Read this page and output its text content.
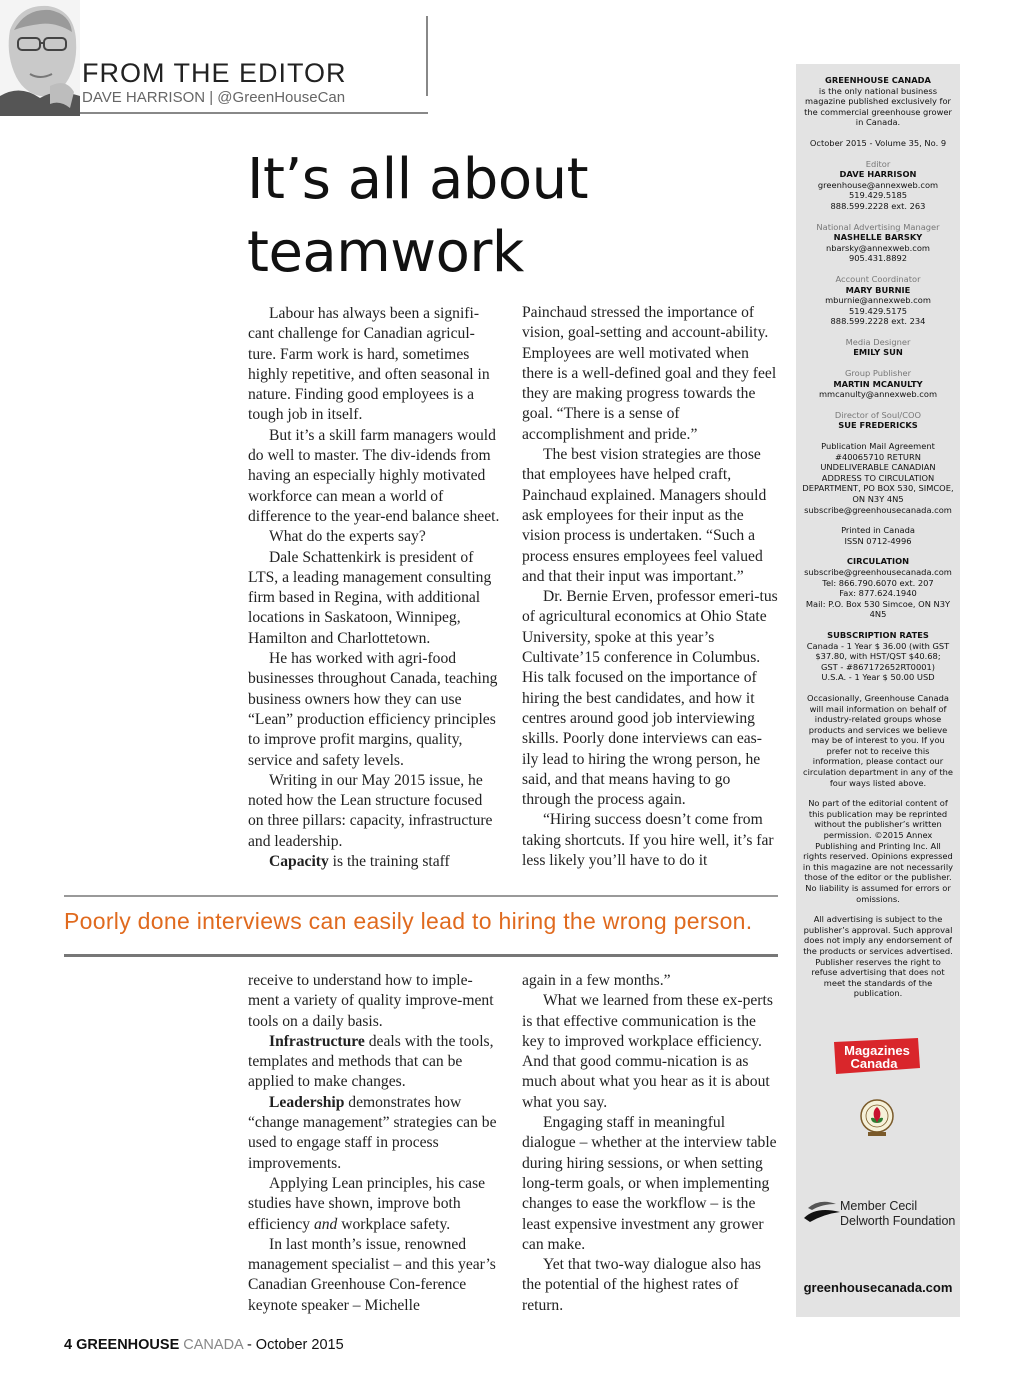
FROM THE EDITOR
DAVE HARRISON | @GreenHouseCan
It’s all about
teamwork

Labour has always been a signifi-cant challenge for Canadian agricul-ture. Farm work is hard, sometimes highly repetitive, and often seasonal in nature. Finding good employees is a tough job in itself.

But it’s a skill farm managers would do well to master. The div-idends from having an especially highly motivated workforce can mean a world of difference to the year-end balance sheet.

What do the experts say?

Dale Schattenkirk is president of LTS, a leading management consulting firm based in Regina, with additional locations in Saskatoon, Winnipeg, Hamilton and Charlottetown.

He has worked with agri-food businesses throughout Canada, teaching business owners how they can use “Lean” production efficiency principles to improve profit margins, quality, service and safety levels.

Writing in our May 2015 issue, he noted how the Lean structure focused on three pillars: capacity, infrastructure and leadership.

Capacity is the training staff

Painchaud stressed the importance of vision, goal-setting and account-ability. Employees are well motivated when there is a well-defined goal and they feel they are making progress towards the goal. “There is a sense of accomplishment and pride.”

The best vision strategies are those that employees have helped craft, Painchaud explained. Managers should ask employees for their input as the vision process is undertaken. “Such a process ensures employees feel valued and that their input was important.”

Dr. Bernie Erven, professor emeri-tus of agricultural economics at Ohio State University, spoke at this year’s Cultivate’15 conference in Columbus. His talk focused on the importance of hiring the best candidates, and how it centres around good job interviewing skills. Poorly done interviews can eas-ily lead to hiring the wrong person, he said, and that means having to go through the process again.

“Hiring success doesn’t come from taking shortcuts. If you hire well, it’s far less likely you’ll have to do it

Poorly done interviews can easily lead to hiring the wrong person.

receive to understand how to imple-ment a variety of quality improve-ment tools on a daily basis.

Infrastructure deals with the tools, templates and methods that can be applied to make changes.

Leadership demonstrates how “change management” strategies can be used to engage staff in process improvements.

Applying Lean principles, his case studies have shown, improve both efficiency and workplace safety.

In last month’s issue, renowned management specialist – and this year’s Canadian Greenhouse Con-ference keynote speaker – Michelle

again in a few months.”

What we learned from these ex-perts is that effective communication is the key to improved workplace efficiency. And that good commu-nication is as much about what you hear as it is about what you say.

Engaging staff in meaningful dialogue – whether at the interview table during hiring sessions, or when setting long-term goals, or when implementing changes to ease the workflow – is the least expensive investment any grower can make.

Yet that two-way dialogue also has the potential of the highest rates of return.

4 GREENHOUSE CANADA - October 2015
GREENHOUSE CANADA
is the only national business magazine published exclusively for the commercial greenhouse grower in Canada.
October 2015 - Volume 35, No. 9
Editor
DAVE HARRISON
greenhouse@annexweb.com
519.429.5185
888.599.2228 ext. 263
National Advertising Manager
NASHELLE BARSKY
nbarsky@annexweb.com
905.431.8892
Account Coordinator
MARY BURNIE
mburnie@annexweb.com
519.429.5175
888.599.2228 ext. 234
Media Designer
EMILY SUN
Group Publisher
MARTIN MCANULTY
mmcanulty@annexweb.com
Director of Soul/COO
SUE FREDERICKS
Publication Mail Agreement #40065710 RETURN UNDELIVERABLE CANADIAN ADDRESS TO CIRCULATION DEPARTMENT, PO BOX 530, SIMCOE, ON N3Y 4N5
subscribe@greenhousecanada.com
Printed in Canada
ISSN 0712-4996
CIRCULATION
subscribe@greenhousecanada.com
Tel: 866.790.6070 ext. 207
Fax: 877.624.1940
Mail: P.O. Box 530 Simcoe, ON N3Y 4N5
SUBSCRIPTION RATES
Canada - 1 Year $ 36.00 (with GST $37.80, with HST/QST $40.68;
GST - #867172652RT0001)
U.S.A. - 1 Year $ 50.00 USD
Occasionally, Greenhouse Canada will mail information on behalf of industry-related groups whose products and services we believe may be of interest to you. If you prefer not to receive this information, please contact our circulation department in any of the four ways listed above.
No part of the editorial content of this publication may be reprinted without the publisher’s written permission. ©2015 Annex Publishing and Printing Inc. All rights reserved. Opinions expressed in this magazine are not necessarily those of the editor or the publisher. No liability is assumed for errors or omissions.
All advertising is subject to the publisher’s approval. Such approval does not imply any endorsement of the products or services advertised. Publisher reserves the right to refuse advertising that does not meet the standards of the publication.
Magazines
Canada
Member Cecil
Delworth Foundation
greenhousecanada.com
